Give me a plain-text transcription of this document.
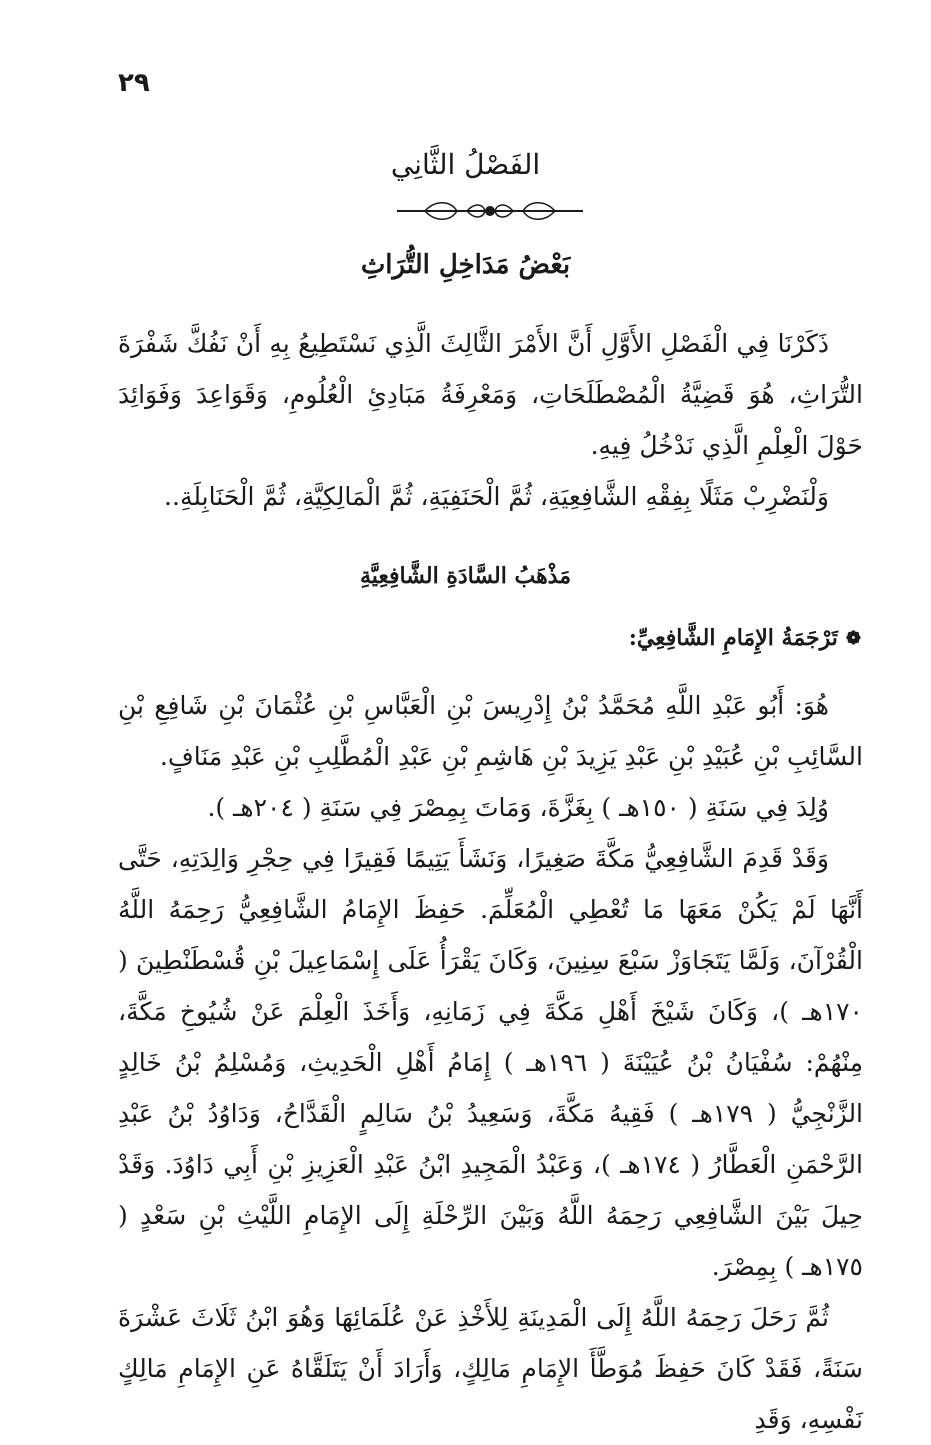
٢٩
الفَصْلُ الثَّانِي
بَعْضُ مَدَاخِلِ التُّرَاثِ

ذَكَرْنَا فِي الْفَصْلِ الأَوَّلِ أَنَّ الأَمْرَ الثَّالِثَ الَّذِي نَسْتَطِيعُ بِهِ أَنْ نَفُكَّ شَفْرَةَ التُّرَاثِ، هُوَ قَضِيَّةُ الْمُصْطَلَحَاتِ، وَمَعْرِفَةُ مَبَادِئِ الْعُلُومِ، وَقَوَاعِدَ وَفَوَائِدَ حَوْلَ الْعِلْمِ الَّذِي نَدْخُلُ فِيهِ.

وَلْنَضْرِبْ مَثَلًا بِفِقْهِ الشَّافِعِيَةِ، ثُمَّ الْحَنَفِيَةِ، ثُمَّ الْمَالِكِيَّةِ، ثُمَّ الْحَنَابِلَةِ..

مَذْهَبُ السَّادَةِ الشَّافِعِيَّةِ
❁
تَرْجَمَةُ الإِمَامِ الشَّافِعِيِّ:

هُوَ: أَبُو عَبْدِ اللَّهِ مُحَمَّدُ بْنُ إِدْرِيسَ بْنِ الْعَبَّاسِ بْنِ عُثْمَانَ بْنِ شَافِعِ بْنِ السَّائِبِ بْنِ عُبَيْدِ بْنِ عَبْدِ يَزِيدَ بْنِ هَاشِمِ بْنِ عَبْدِ الْمُطَّلِبِ بْنِ عَبْدِ مَنَافٍ.

وُلِدَ فِي سَنَةِ ( ١٥٠هـ ) بِغَزَّةَ، وَمَاتَ بِمِصْرَ فِي سَنَةِ ( ٢٠٤هـ ).

وَقَدْ قَدِمَ الشَّافِعِيُّ مَكَّةَ صَغِيرًا، وَنَشَأَ يَتِيمًا فَقِيرًا فِي حِجْرِ وَالِدَتِهِ، حَتَّى أَنَّهَا لَمْ يَكُنْ مَعَهَا مَا تُعْطِي الْمُعَلِّمَ. حَفِظَ الإِمَامُ الشَّافِعِيُّ رَحِمَهُ اللَّهُ الْقُرْآنَ، وَلَمَّا يَتَجَاوَزْ سَبْعَ سِنِينَ، وَكَانَ يَقْرَأُ عَلَى إِسْمَاعِيلَ بْنِ قُسْطَنْطِينَ ( ١٧٠هـ )، وَكَانَ شَيْخَ أَهْلِ مَكَّةَ فِي زَمَانِهِ، وَأَخَذَ الْعِلْمَ عَنْ شُيُوخِ مَكَّةَ، مِنْهُمْ: سُفْيَانُ بْنُ عُيَيْنَةَ ( ١٩٦هـ ) إِمَامُ أَهْلِ الْحَدِيثِ، وَمُسْلِمُ بْنُ خَالِدٍ الزَّنْجِيُّ ( ١٧٩هـ ) فَقِيهُ مَكَّةَ، وَسَعِيدُ بْنُ سَالِمٍ الْقَدَّاحُ، وَدَاوُدُ بْنُ عَبْدِ الرَّحْمَنِ الْعَطَّارُ ( ١٧٤هـ )، وَعَبْدُ الْمَجِيدِ ابْنُ عَبْدِ الْعَزِيزِ بْنِ أَبِي دَاوُدَ. وَقَدْ حِيلَ بَيْنَ الشَّافِعِي رَحِمَهُ اللَّهُ وَبَيْنَ الرِّحْلَةِ إِلَى الإِمَامِ اللَّيْثِ بْنِ سَعْدٍ ( ١٧٥هـ ) بِمِصْرَ.

ثُمَّ رَحَلَ رَحِمَهُ اللَّهُ إِلَى الْمَدِينَةِ لِلأَخْذِ عَنْ عُلَمَائِهَا وَهُوَ ابْنُ ثَلَاثَ عَشْرَةَ سَنَةً، فَقَدْ كَانَ حَفِظَ مُوَطَّأَ الإِمَامِ مَالِكٍ، وَأَرَادَ أَنْ يَتَلَقَّاهُ عَنِ الإِمَامِ مَالِكٍ نَفْسِهِ، وَقَدِ
